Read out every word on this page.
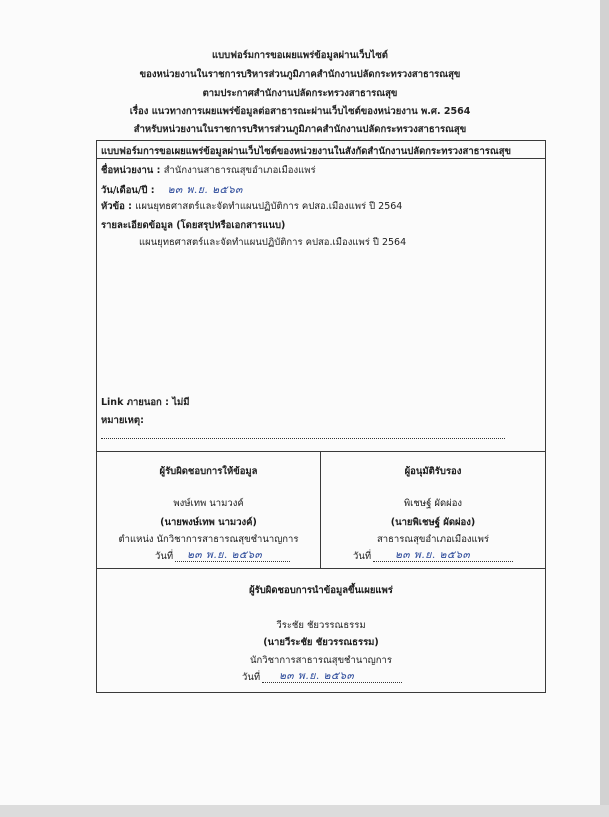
แบบฟอร์มการขอเผยแพร่ข้อมูลผ่านเว็บไซต์
ของหน่วยงานในราชการบริหารส่วนภูมิภาคสำนักงานปลัดกระทรวงสาธารณสุข
ตามประกาศสำนักงานปลัดกระทรวงสาธารณสุข
เรื่อง แนวทางการเผยแพร่ข้อมูลต่อสาธารณะผ่านเว็บไซต์ของหน่วยงาน พ.ศ. 2564
สำหรับหน่วยงานในราชการบริหารส่วนภูมิภาคสำนักงานปลัดกระทรวงสาธารณสุข
แบบฟอร์มการขอเผยแพร่ข้อมูลผ่านเว็บไซต์ของหน่วยงานในสังกัดสำนักงานปลัดกระทรวงสาธารณสุข
ชื่อหน่วยงาน : สำนักงานสาธารณสุขอำเภอเมืองแพร่
วัน/เดือน/ปี : ๒๓ พ.ย. ๒๕๖๓
หัวข้อ : แผนยุทธศาสตร์และจัดทำแผนปฏิบัติการ คปสอ.เมืองแพร่ ปี 2564
รายละเอียดข้อมูล (โดยสรุปหรือเอกสารแนบ)
แผนยุทธศาสตร์และจัดทำแผนปฏิบัติการ คปสอ.เมืองแพร่ ปี 2564
Link ภายนอก : ไม่มี
หมายเหตุ:
ผู้รับผิดชอบการให้ข้อมูล
พงษ์เทพ นามวงค์
(นายพงษ์เทพ นามวงค์)
ตำแหน่ง นักวิชาการสาธารณสุขชำนาญการ
วันที่ ๒๓ พ.ย. ๒๕๖๓
ผู้อนุมัติรับรอง
พิเชษฐ์ ผัดผ่อง
(นายพิเชษฐ์ ผัดผ่อง)
สาธารณสุขอำเภอเมืองแพร่
วันที่ ๒๓ พ.ย. ๒๕๖๓
ผู้รับผิดชอบการนำข้อมูลขึ้นเผยแพร่
วีระชัย ชัยวรรณธรรม
(นายวีระชัย ชัยวรรณธรรม)
นักวิชาการสาธารณสุขชำนาญการ
วันที่ ๒๓ พ.ย. ๒๕๖๓
